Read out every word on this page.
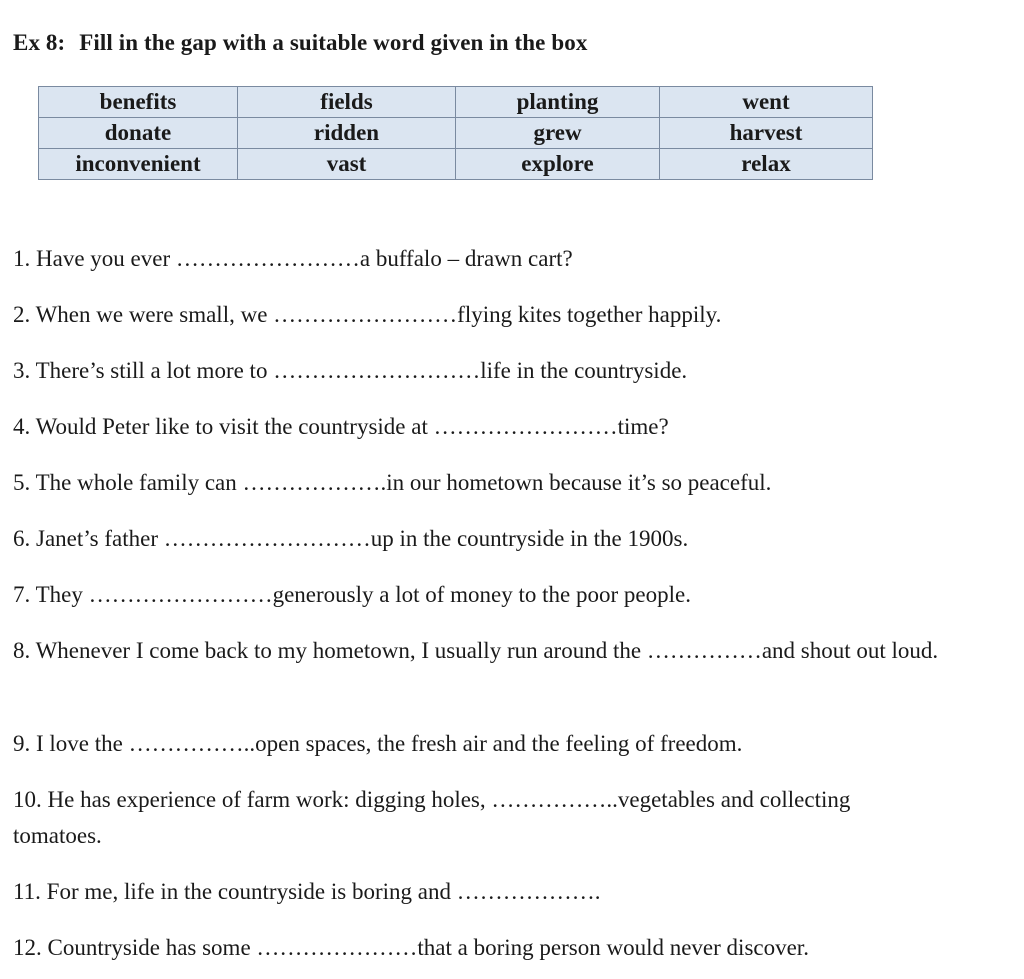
Ex 8: Fill in the gap with a suitable word given in the box
benefits	fields	planting	went
donate	ridden	grew	harvest
inconvenient	vast	explore	relax
1. Have you ever ……………………a buffalo – drawn cart?
2. When we were small, we ……………………flying kites together happily.
3. There’s still a lot more to ………………………life in the countryside.
4. Would Peter like to visit the countryside at ……………………time?
5. The whole family can ……………….in our hometown because it’s so peaceful.
6. Janet’s father ………………………up in the countryside in the 1900s.
7. They ……………………generously a lot of money to the poor people.
8. Whenever I come back to my hometown, I usually run around the ……………and shout out loud.
9. I love the ……………..open spaces, the fresh air and the feeling of freedom.
10. He has experience of farm work: digging holes, ……………..vegetables and collecting tomatoes.
11. For me, life in the countryside is boring and ……………….
12. Countryside has some …………………that a boring person would never discover.
